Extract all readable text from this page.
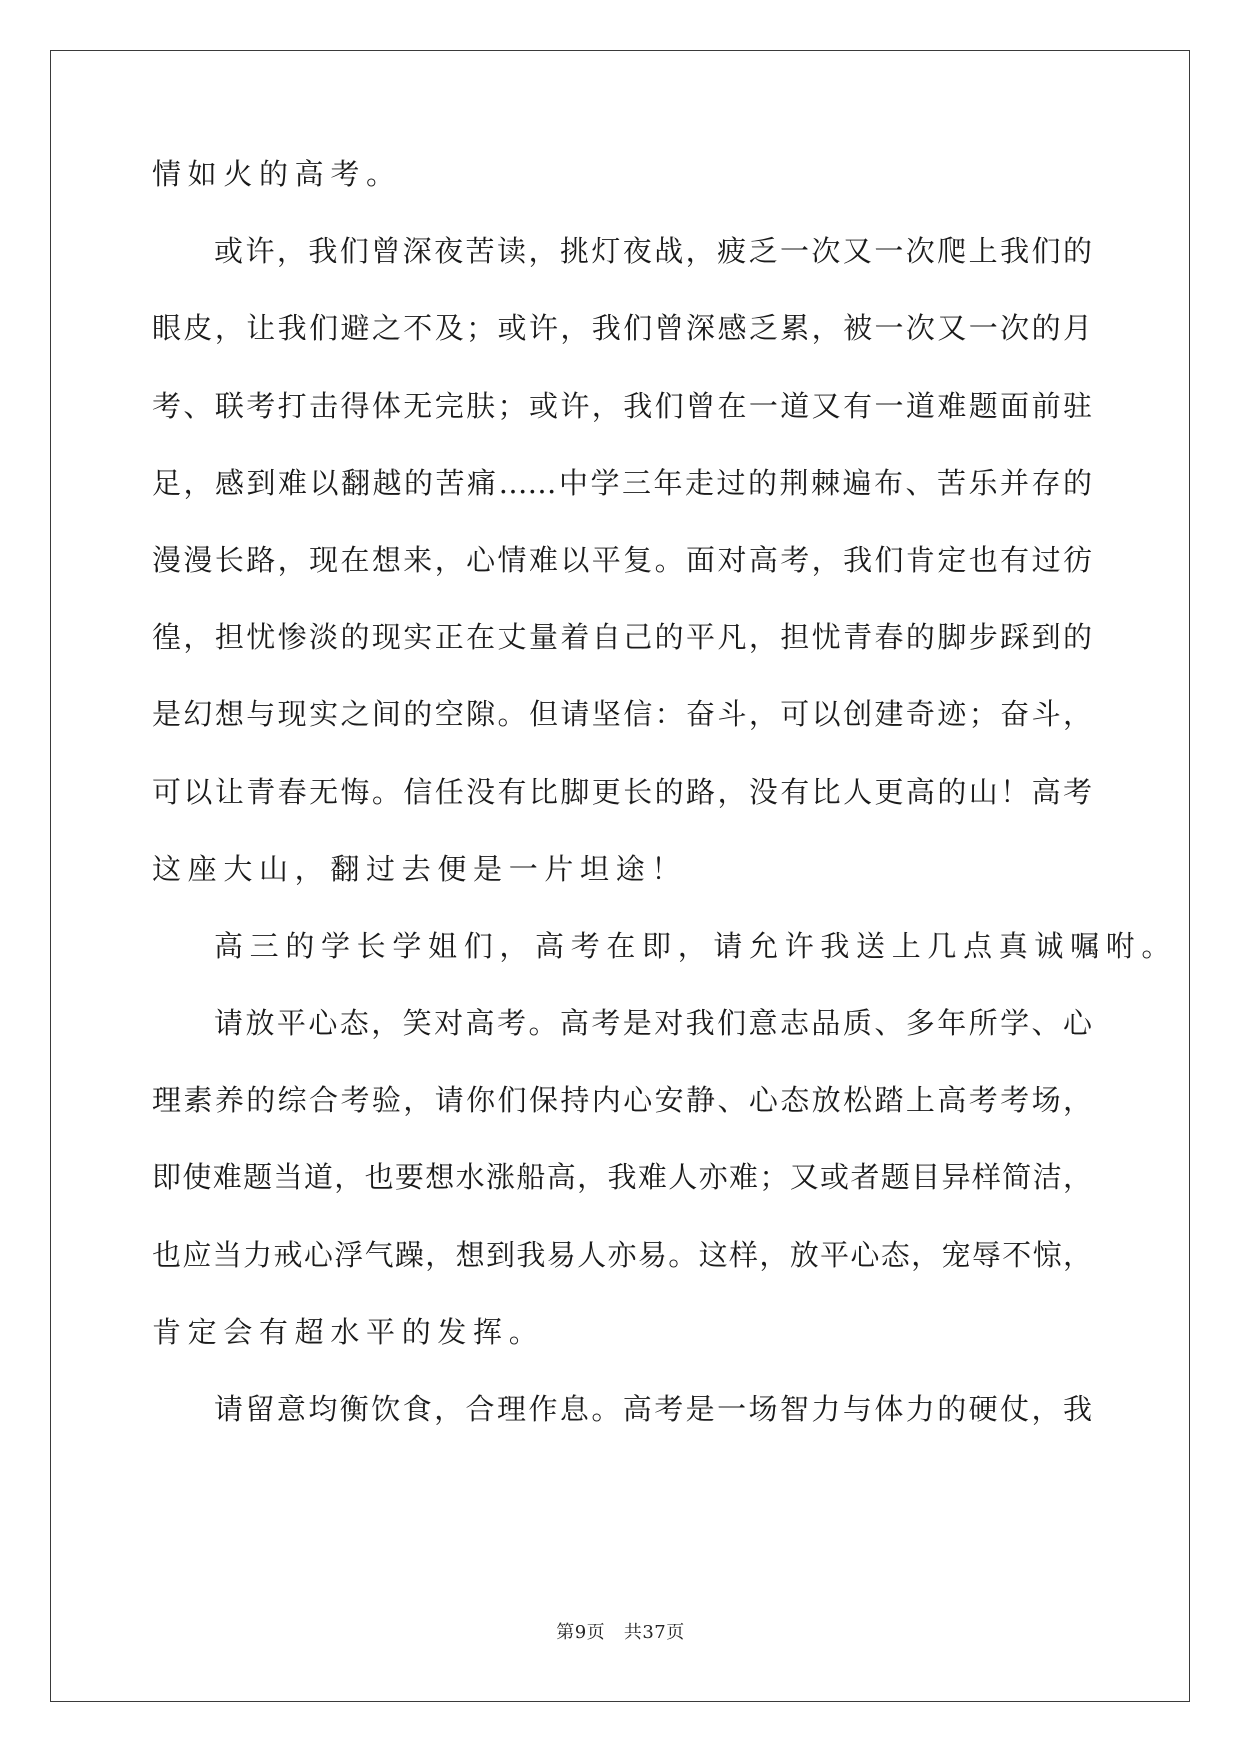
情如火的高考。
或许，我们曾深夜苦读，挑灯夜战，疲乏一次又一次爬上我们的
眼皮，让我们避之不及；或许，我们曾深感乏累，被一次又一次的月
考、联考打击得体无完肤；或许，我们曾在一道又有一道难题面前驻
足，感到难以翻越的苦痛……中学三年走过的荆棘遍布、苦乐并存的
漫漫长路，现在想来，心情难以平复。面对高考，我们肯定也有过彷
徨，担忧惨淡的现实正在丈量着自己的平凡，担忧青春的脚步踩到的
是幻想与现实之间的空隙。但请坚信：奋斗，可以创建奇迹；奋斗，
可以让青春无悔。信任没有比脚更长的路，没有比人更高的山！高考
这座大山，翻过去便是一片坦途！
高三的学长学姐们，高考在即，请允许我送上几点真诚嘱咐。
请放平心态，笑对高考。高考是对我们意志品质、多年所学、心
理素养的综合考验，请你们保持内心安静、心态放松踏上高考考场，
即使难题当道，也要想水涨船高，我难人亦难；又或者题目异样简洁，
也应当力戒心浮气躁，想到我易人亦易。这样，放平心态，宠辱不惊，
肯定会有超水平的发挥。
请留意均衡饮食，合理作息。高考是一场智力与体力的硬仗，我
第9页 共37页
